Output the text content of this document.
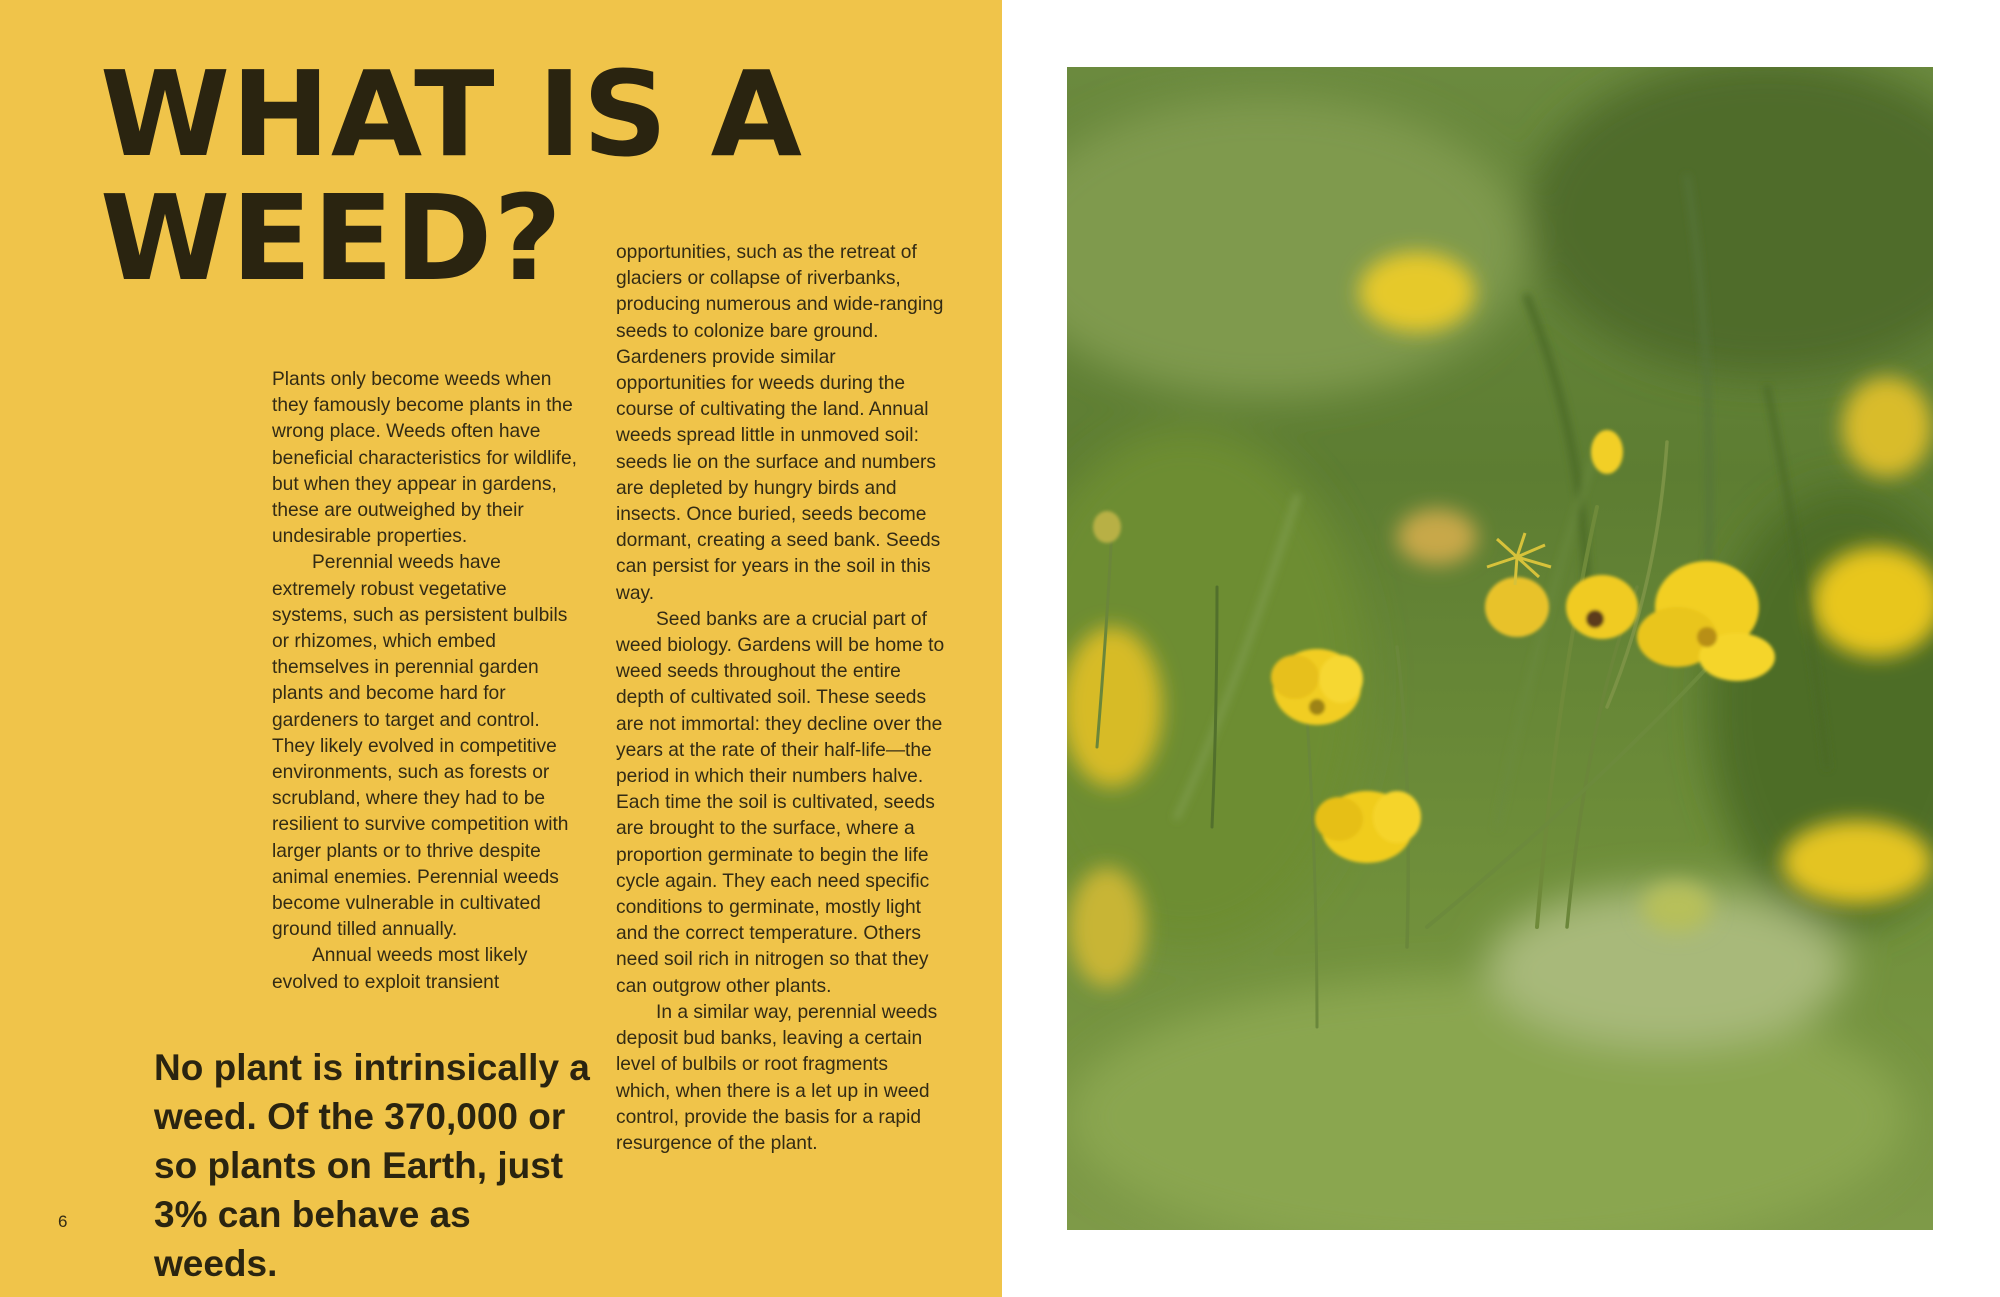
WHAT IS A
WEED?

Plants only become weeds when they famously become plants in the wrong place. Weeds often have beneficial characteristics for wildlife, but when they appear in gardens, these are outweighed by their undesirable properties.

Perennial weeds have extremely robust vegetative systems, such as persistent bulbils or rhizomes, which embed themselves in perennial garden plants and become hard for gardeners to target and control. They likely evolved in competitive environments, such as forests or scrubland, where they had to be resilient to survive competition with larger plants or to thrive despite animal enemies. Perennial weeds become vulnerable in cultivated ground tilled annually.

Annual weeds most likely evolved to exploit transient

opportunities, such as the retreat of glaciers or collapse of riverbanks, producing numerous and wide-ranging seeds to colonize bare ground. Gardeners provide similar opportunities for weeds during the course of cultivating the land. Annual weeds spread little in unmoved soil: seeds lie on the surface and numbers are depleted by hungry birds and insects. Once buried, seeds become dormant, creating a seed bank. Seeds can persist for years in the soil in this way.

Seed banks are a crucial part of weed biology. Gardens will be home to weed seeds throughout the entire depth of cultivated soil. These seeds are not immortal: they decline over the years at the rate of their half-life—the period in which their numbers halve. Each time the soil is cultivated, seeds are brought to the surface, where a proportion germinate to begin the life cycle again. They each need specific conditions to germinate, mostly light and the correct temperature. Others need soil rich in nitrogen so that they can outgrow other plants.

In a similar way, perennial weeds deposit bud banks, leaving a certain level of bulbils or root fragments which, when there is a let up in weed control, provide the basis for a rapid resurgence of the plant.

No plant is intrinsically a weed. Of the 370,000 or so plants on Earth, just 3% can behave as weeds.

6
